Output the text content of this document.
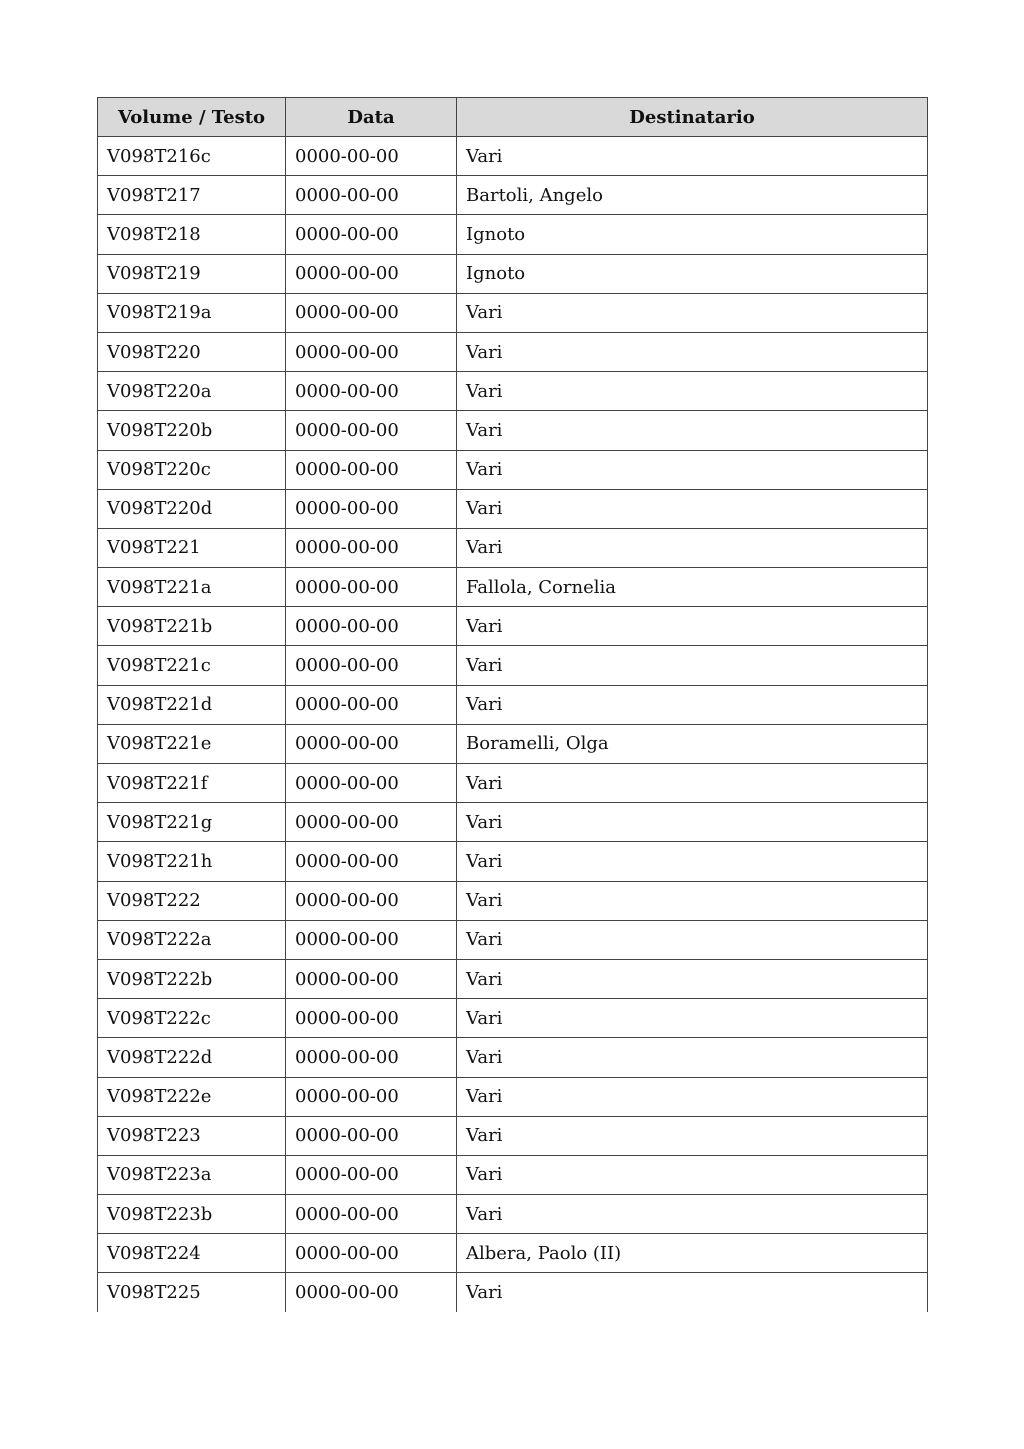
Volume / Testo	Data	Destinatario
V098T216c	0000-00-00	Vari
V098T217	0000-00-00	Bartoli, Angelo
V098T218	0000-00-00	Ignoto
V098T219	0000-00-00	Ignoto
V098T219a	0000-00-00	Vari
V098T220	0000-00-00	Vari
V098T220a	0000-00-00	Vari
V098T220b	0000-00-00	Vari
V098T220c	0000-00-00	Vari
V098T220d	0000-00-00	Vari
V098T221	0000-00-00	Vari
V098T221a	0000-00-00	Fallola, Cornelia
V098T221b	0000-00-00	Vari
V098T221c	0000-00-00	Vari
V098T221d	0000-00-00	Vari
V098T221e	0000-00-00	Boramelli, Olga
V098T221f	0000-00-00	Vari
V098T221g	0000-00-00	Vari
V098T221h	0000-00-00	Vari
V098T222	0000-00-00	Vari
V098T222a	0000-00-00	Vari
V098T222b	0000-00-00	Vari
V098T222c	0000-00-00	Vari
V098T222d	0000-00-00	Vari
V098T222e	0000-00-00	Vari
V098T223	0000-00-00	Vari
V098T223a	0000-00-00	Vari
V098T223b	0000-00-00	Vari
V098T224	0000-00-00	Albera, Paolo (II)
V098T225	0000-00-00	Vari
